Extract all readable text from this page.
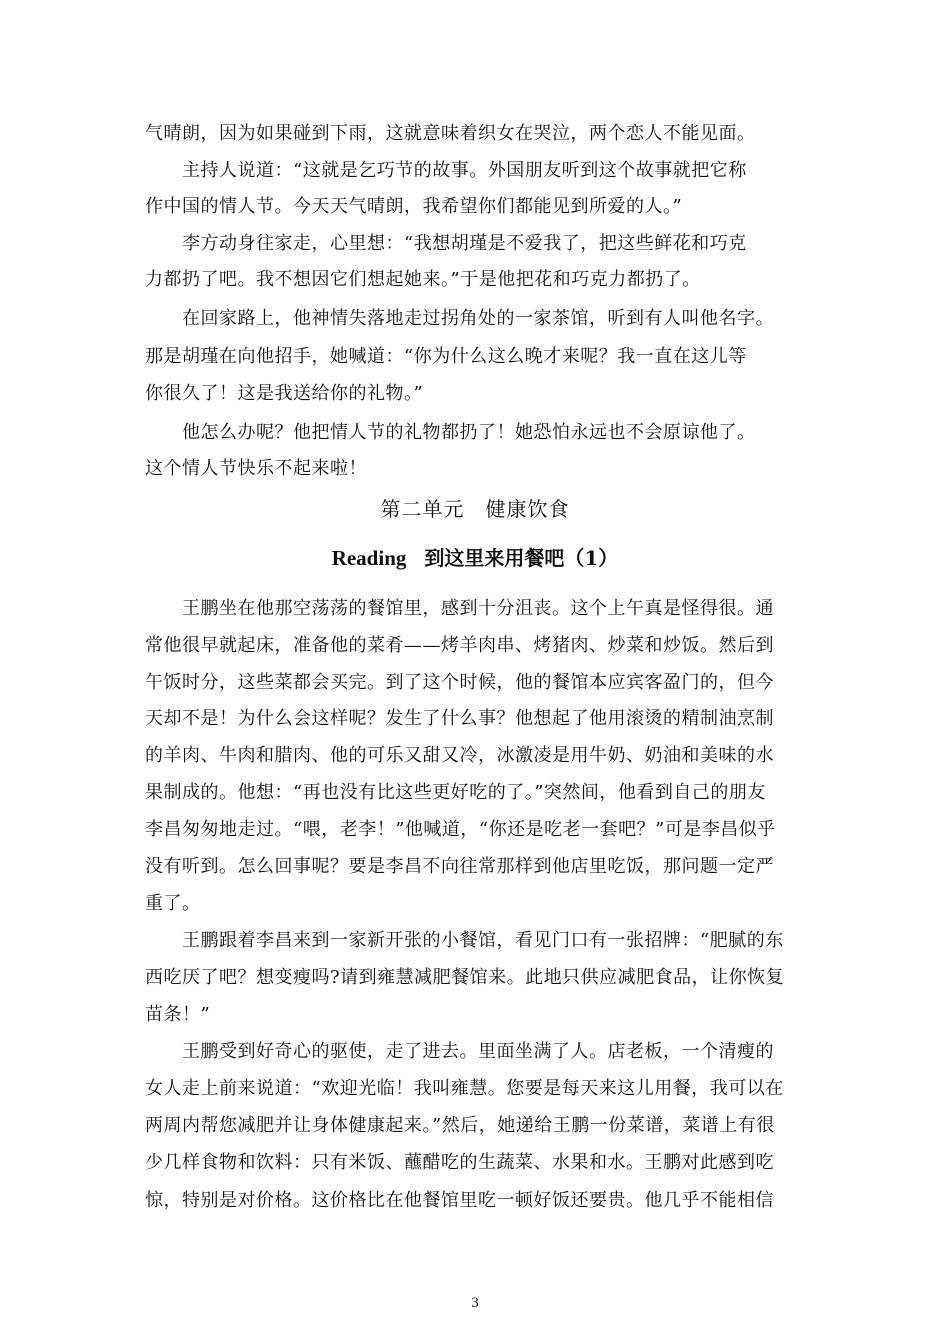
气晴朗，因为如果碰到下雨，这就意味着织女在哭泣，两个恋人不能见面。
主持人说道：“这就是乞巧节的故事。外国朋友听到这个故事就把它称
作中国的情人节。今天天气晴朗，我希望你们都能见到所爱的人。”
李方动身往家走，心里想：“我想胡瑾是不爱我了，把这些鲜花和巧克
力都扔了吧。我不想因它们想起她来。”于是他把花和巧克力都扔了。
在回家路上，他神情失落地走过拐角处的一家茶馆，听到有人叫他名字。
那是胡瑾在向他招手，她喊道：“你为什么这么晚才来呢？我一直在这儿等
你很久了！这是我送给你的礼物。”
他怎么办呢？他把情人节的礼物都扔了！她恐怕永远也不会原谅他了。
这个情人节快乐不起来啦！
第二单元　健康饮食
Reading 到这里来用餐吧（1）
王鹏坐在他那空荡荡的餐馆里，感到十分沮丧。这个上午真是怪得很。通
常他很早就起床，准备他的菜肴——烤羊肉串、烤猪肉、炒菜和炒饭。然后到
午饭时分，这些菜都会买完。到了这个时候，他的餐馆本应宾客盈门的，但今
天却不是！为什么会这样呢？发生了什么事？他想起了他用滚烫的精制油烹制
的羊肉、牛肉和腊肉、他的可乐又甜又冷，冰激凌是用牛奶、奶油和美味的水
果制成的。他想：“再也没有比这些更好吃的了。”突然间，他看到自己的朋友
李昌匆匆地走过。“喂，老李！”他喊道，“你还是吃老一套吧？”可是李昌似乎
没有听到。怎么回事呢？要是李昌不向往常那样到他店里吃饭，那问题一定严
重了。
王鹏跟着李昌来到一家新开张的小餐馆，看见门口有一张招牌：“肥腻的东
西吃厌了吧？想变瘦吗?请到雍慧减肥餐馆来。此地只供应减肥食品，让你恢复
苗条！”
王鹏受到好奇心的驱使，走了进去。里面坐满了人。店老板，一个清瘦的
女人走上前来说道：“欢迎光临！我叫雍慧。您要是每天来这儿用餐，我可以在
两周内帮您减肥并让身体健康起来。”然后，她递给王鹏一份菜谱，菜谱上有很
少几样食物和饮料：只有米饭、蘸醋吃的生蔬菜、水果和水。王鹏对此感到吃
惊，特别是对价格。这价格比在他餐馆里吃一顿好饭还要贵。他几乎不能相信
3
